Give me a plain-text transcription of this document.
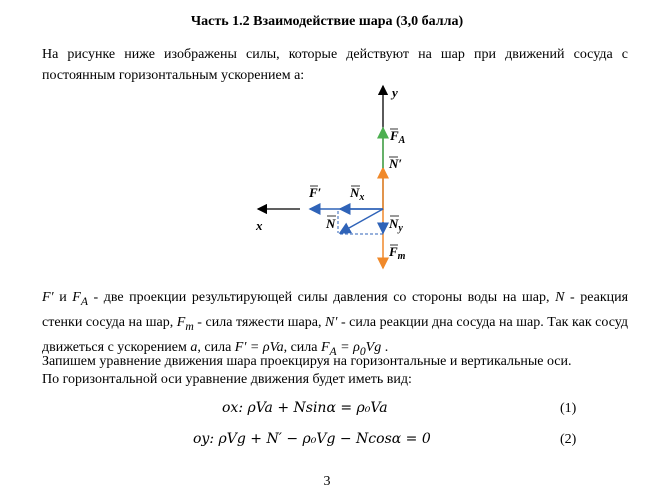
Часть 1.2 Взаимодействие шара (3,0 балла)
На рисунке ниже изображены силы, которые действуют на шар при движений сосуда с постоянным горизонтальным ускорением a:
y
x
$F_A$
N′
F′ $N_x$
N	$N_y$
$F_т$
F′ и $F_A$ - две проекции результирующей силы давления со стороны воды на шар, N - реакция стенки сосуда на шар, $F_т$ - сила тяжести шара, N′ - сила реакции дна сосуда на шар. Так как сосуд движеться с ускорением a, сила F′ = ρVa, сила $F_A = \rho_0Vg$ .
Запишем уравнение движения шара проекцируя на горизонтальные и вертикальные оси.
По горизонтальной оси уравнение движения будет иметь вид:
ox: ρVa + Nsinα = ρ₀Va	(1)
oy: ρVg + N′ − ρ₀Vg − Ncosα = 0	(2)
3
